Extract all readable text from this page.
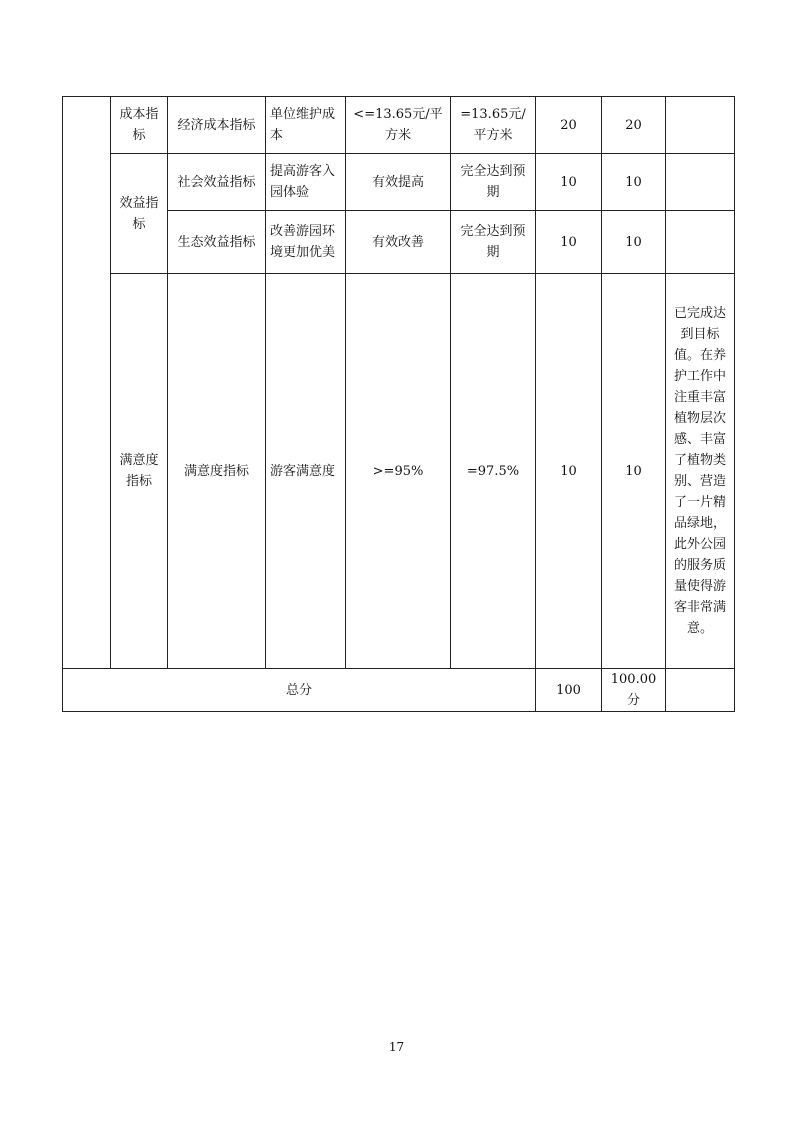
	成本指标	经济成本指标	单位维护成本	<=13.65元/平方米	=13.65元/平方米	20	20	
	效益指标	社会效益指标	提高游客入园体验	有效提高	完全达到预期	10	10	
		生态效益指标	改善游园环境更加优美	有效改善	完全达到预期	10	10	
	满意度指标	满意度指标	游客满意度	>=95%	=97.5%	10	10	已完成达到目标值。在养护工作中注重丰富植物层次感、丰富了植物类别、营造了一片精品绿地，此外公园的服务质量使得游客非常满意。
总分						100	100.00分	
17
